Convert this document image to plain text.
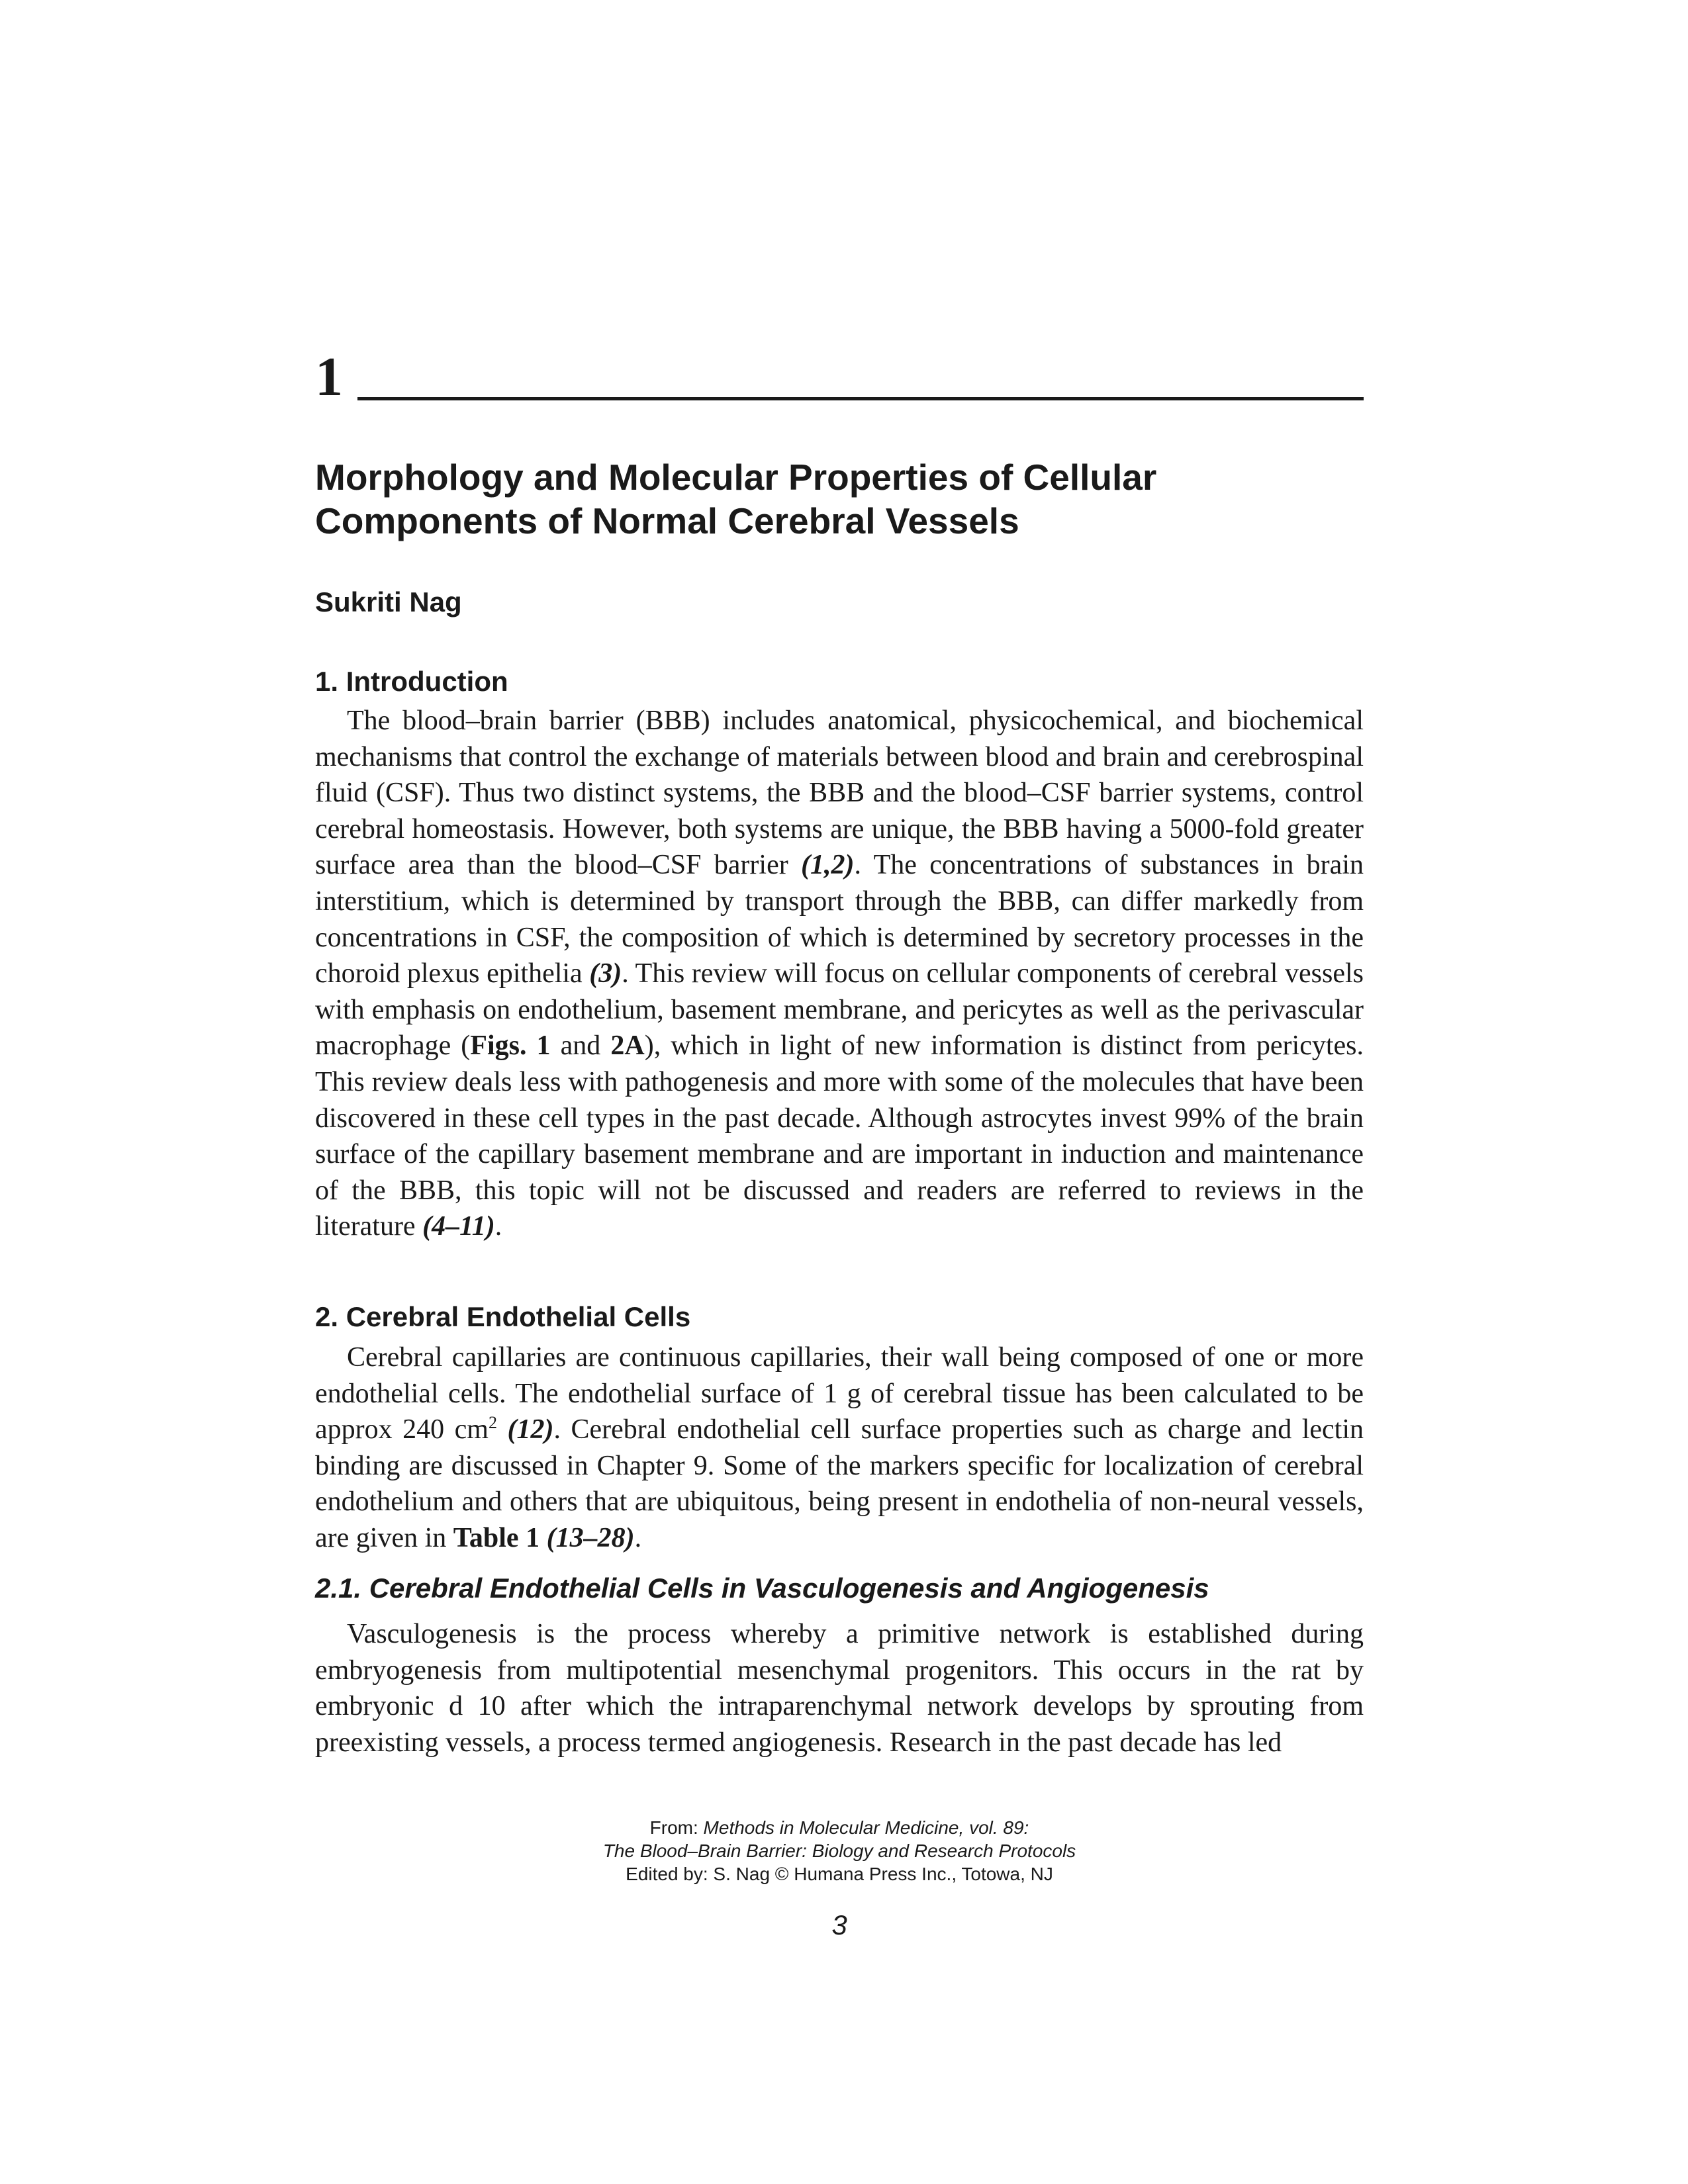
1
Morphology and Molecular Properties of Cellular
Components of Normal Cerebral Vessels
Sukriti Nag
1. Introduction

The blood–brain barrier (BBB) includes anatomical, physicochemical, and biochemical mechanisms that control the exchange of materials between blood and brain and cerebrospinal fluid (CSF). Thus two distinct systems, the BBB and the blood–CSF barrier systems, control cerebral homeostasis. However, both systems are unique, the BBB having a 5000-fold greater surface area than the blood–CSF barrier (1,2). The concentrations of substances in brain interstitium, which is determined by transport through the BBB, can differ markedly from concentrations in CSF, the composition of which is determined by secretory processes in the choroid plexus epithelia (3). This review will focus on cellular components of cerebral vessels with emphasis on endothelium, basement membrane, and pericytes as well as the perivascular macrophage (Figs. 1 and 2A), which in light of new information is distinct from pericytes. This review deals less with pathogenesis and more with some of the molecules that have been discovered in these cell types in the past decade. Although astrocytes invest 99% of the brain surface of the capillary basement membrane and are important in induction and maintenance of the BBB, this topic will not be discussed and readers are referred to reviews in the literature (4–11).

2. Cerebral Endothelial Cells

Cerebral capillaries are continuous capillaries, their wall being composed of one or more endothelial cells. The endothelial surface of 1 g of cerebral tissue has been calculated to be approx 240 $cm^2$ (12). Cerebral endothelial cell surface properties such as charge and lectin binding are discussed in Chapter 9. Some of the markers specific for localization of cerebral endothelium and others that are ubiquitous, being present in endothelia of non-neural vessels, are given in Table 1 (13–28).

2.1. Cerebral Endothelial Cells in Vasculogenesis and Angiogenesis

Vasculogenesis is the process whereby a primitive network is established during embryogenesis from multipotential mesenchymal progenitors. This occurs in the rat by embryonic d 10 after which the intraparenchymal network develops by sprouting from preexisting vessels, a process termed angiogenesis. Research in the past decade has led

From: Methods in Molecular Medicine, vol. 89:
The Blood–Brain Barrier: Biology and Research Protocols
Edited by: S. Nag © Humana Press Inc., Totowa, NJ
3
